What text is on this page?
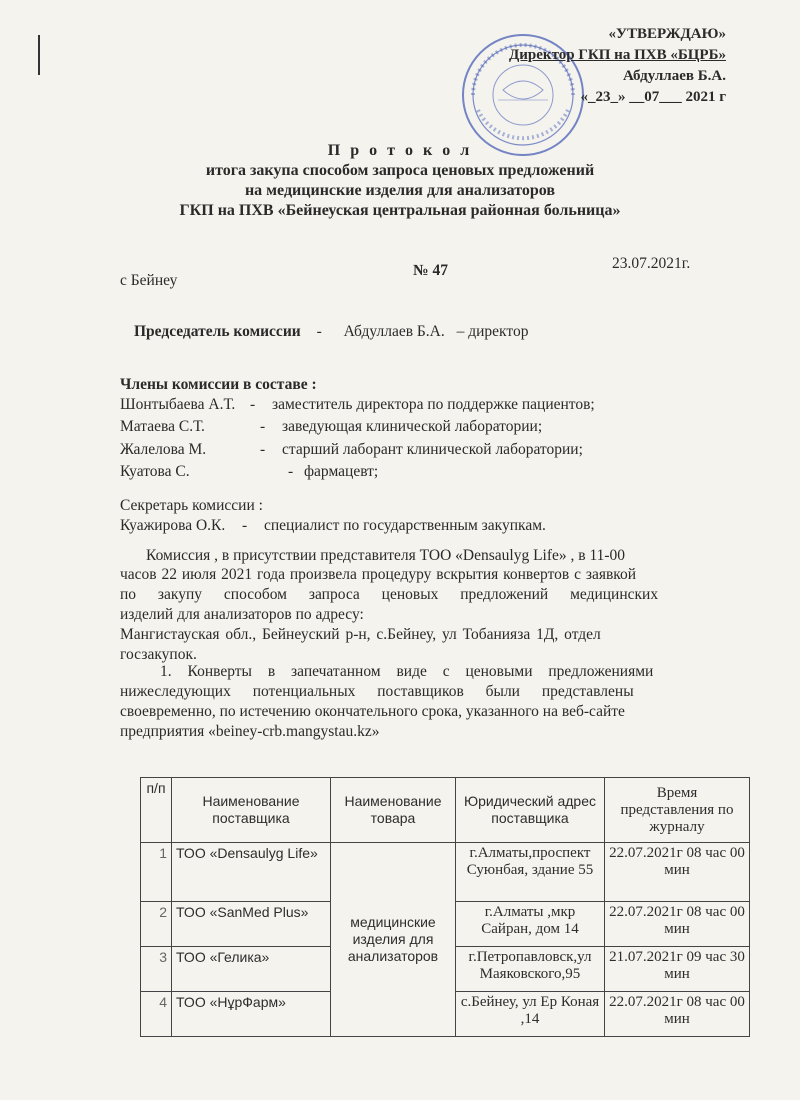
«УТВЕРЖДАЮ»
Директор ГКП на ПХВ «БЦРБ»
Абдуллаев Б.А.
«_23_» __07___ 2021 г
П р о т о к о л
итога закупа способом запроса ценовых предложений
на медицинские изделия для анализаторов
ГКП на ПХВ «Бейнеуская центральная районная больница»
с Бейнеу
№ 47	23.07.2021г.
Председатель комиссии - Абдуллаев Б.А. – директор
Члены комиссии в составе :
Шонтыбаева А.Т. - заместитель директора по поддержке пациентов;
Матаева С.Т.	- заведующая клинической лаборатории;
Жалелова М.	- старший лаборант клинической лаборатории;
Куатова С.	- фармацевт;
Секретарь комиссии :
Куажирова О.К. - специалист по государственным закупкам.
Комиссия , в присутствии представителя ТОО «Densaulyg Life» , в 11-00
часов 22 июля 2021 года произвела процедуру вскрытия конвертов с заявкой
по закупу способом запроса ценовых предложений медицинских
изделий для анализаторов по адресу:
Мангистауская обл., Бейнеуский р-н, с.Бейнеу, ул Тобанияза 1Д, отдел
госзакупок.
1. Конверты в запечатанном виде с ценовыми предложениями
нижеследующих потенциальных поставщиков были представлены
своевременно, по истечению окончательного срока, указанного на веб-сайте
предприятия «beiney-crb.mangystau.kz»
п/п	Наименование поставщика	Наименование товара	Юридический адрес поставщика	Время представления по журналу
1	ТОО «Densaulyg Life»	медицинские изделия для анализаторов	г.Алматы,проспект Суюнбая, здание 55	22.07.2021г 08 час 00 мин
2	ТОО «SanMed Plus»		г.Алматы ,мкр Сайран, дом 14	22.07.2021г 08 час 00 мин
3	ТОО «Гелика»		г.Петропавловск,ул Маяковского,95	21.07.2021г 09 час 30 мин
4	ТОО «НұрФарм»		с.Бейнеу, ул Ер Коная ,14	22.07.2021г 08 час 00 мин
